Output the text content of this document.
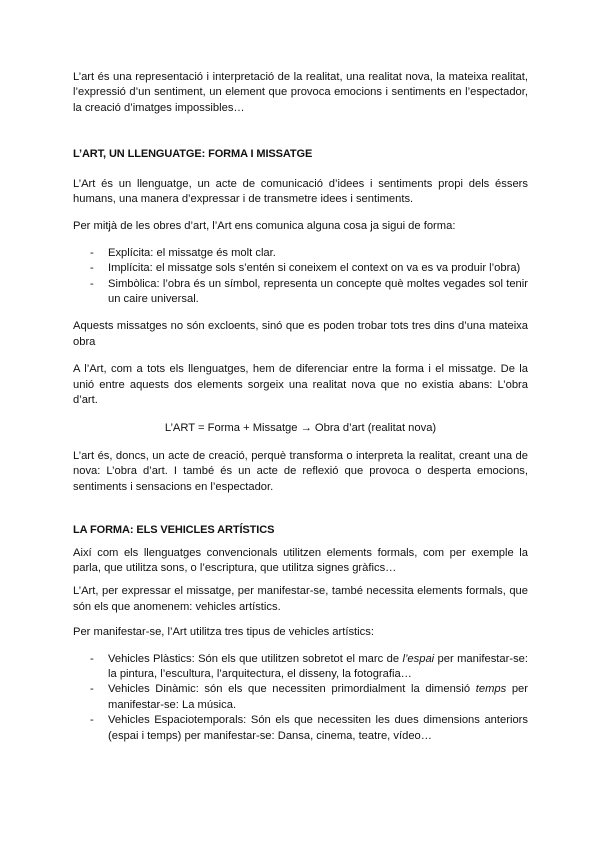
L’art és una representació i interpretació de la realitat, una realitat nova, la mateixa realitat, l’expressió d’un sentiment, un element que provoca emocions i sentiments en l’espectador, la creació d’imatges impossibles…

L’ART, UN LLENGUATGE: FORMA I MISSATGE

L’Art és un llenguatge, un acte de comunicació d’idees i sentiments propi dels éssers humans, una manera d’expressar i de transmetre idees i sentiments.

Per mitjà de les obres d’art, l’Art ens comunica alguna cosa ja sigui de forma:

- Explícita: el missatge és molt clar.
- Implícita: el missatge sols s’entén si coneixem el context on va es va produir l’obra)
- Simbòlica: l’obra és un símbol, representa un concepte què moltes vegades sol tenir un caire universal.

Aquests missatges no són excloents, sinó que es poden trobar tots tres dins d’una mateixa obra

A l’Art, com a tots els llenguatges, hem de diferenciar entre la forma i el missatge. De la unió entre aquests dos elements sorgeix una realitat nova que no existia abans: L’obra d’art.

L’ART = Forma + Missatge → Obra d’art (realitat nova)

L’art és, doncs, un acte de creació, perquè transforma o interpreta la realitat, creant una de nova: L’obra d’art. I també és un acte de reflexió que provoca o desperta emocions, sentiments i sensacions en l’espectador.

LA FORMA: ELS VEHICLES ARTÍSTICS

Així com els llenguatges convencionals utilitzen elements formals, com per exemple la parla, que utilitza sons, o l’escriptura, que utilitza signes gràfics…

L’Art, per expressar el missatge, per manifestar-se, també necessita elements formals, que són els que anomenem: vehicles artístics.

Per manifestar-se, l’Art utilitza tres tipus de vehicles artístics:

- Vehicles Plàstics: Són els que utilitzen sobretot el marc de l’espai per manifestar-se: la pintura, l’escultura, l’arquitectura, el disseny, la fotografia…
- Vehicles Dinàmic: són els que necessiten primordialment la dimensió temps per manifestar-se: La música.
- Vehicles Espaciotemporals: Són els que necessiten les dues dimensions anteriors (espai i temps) per manifestar-se: Dansa, cinema, teatre, vídeo…
